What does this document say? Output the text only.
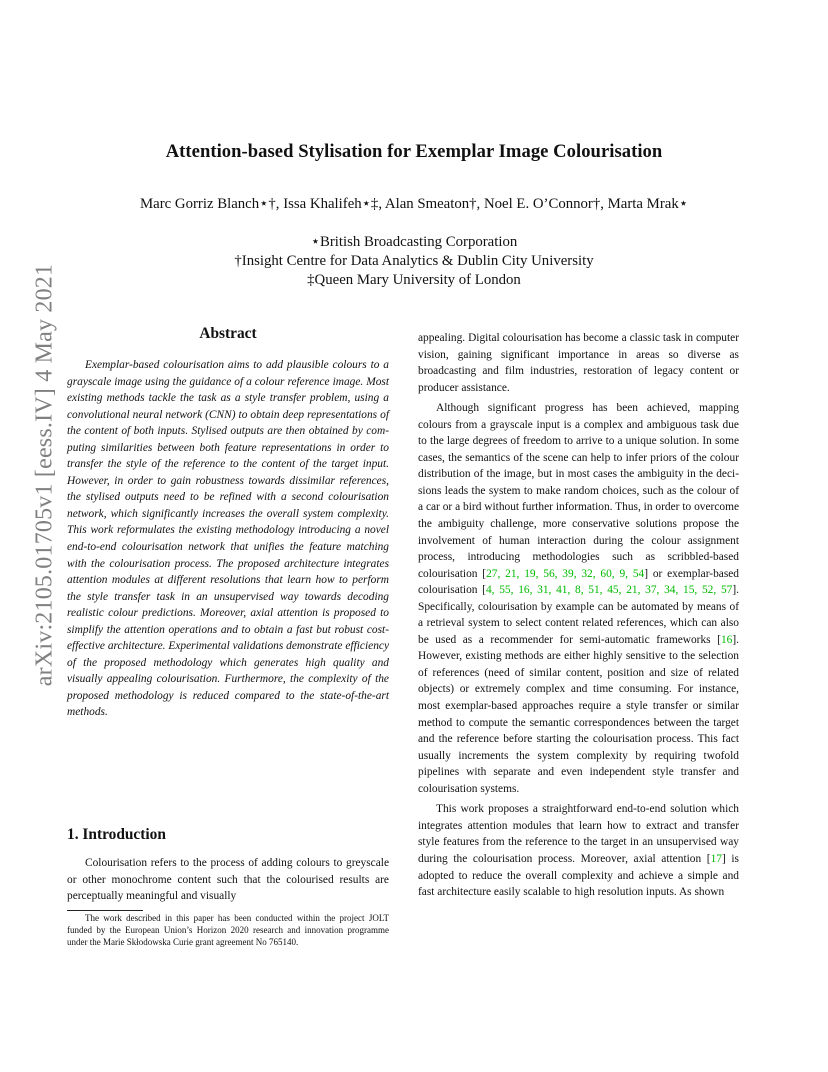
Attention-based Stylisation for Exemplar Image Colourisation
Marc Gorriz Blanch⋆†, Issa Khalifeh⋆‡, Alan Smeaton†, Noel E. O’Connor†, Marta Mrak⋆
⋆British Broadcasting Corporation
†Insight Centre for Data Analytics & Dublin City University
‡Queen Mary University of London
arXiv:2105.01705v1 [eess.IV] 4 May 2021	Abstract

Exemplar-based colourisation aims to add plausible colours to a grayscale image using the guidance of a colour reference image. Most existing methods tackle the task as a style transfer problem, using a convolutional neural network (CNN) to obtain deep representations of the content of both inputs. Stylised outputs are then obtained by computing similarities between both feature representations in order to transfer the style of the reference to the content of the target input. However, in order to gain robustness towards dissimilar references, the stylised outputs need to be refined with a second colourisation network, which significantly increases the overall system complexity. This work reformulates the existing methodology introducing a novel end-to-end colourisation network that unifies the feature matching with the colourisation process. The proposed architecture integrates attention modules at different resolutions that learn how to perform the style transfer task in an unsupervised way towards decoding realistic colour predictions. Moreover, axial attention is proposed to simplify the attention operations and to obtain a fast but robust cost-effective architecture. Experimental validations demonstrate efficiency of the proposed methodology which generates high quality and visually appealing colourisation. Furthermore, the complexity of the proposed methodology is reduced compared to the state-of-the-art methods.

1. Introduction

Colourisation refers to the process of adding colours to greyscale or other monochrome content such that the colourised results are perceptually meaningful and visually

The work described in this paper has been conducted within the project JOLT funded by the European Union’s Horizon 2020 research and innovation programme under the Marie Skłodowska Curie grant agreement No 765140.

appealing. Digital colourisation has become a classic task in computer vision, gaining significant importance in areas so diverse as broadcasting and film industries, restoration of legacy content or producer assistance.

Although significant progress has been achieved, mapping colours from a grayscale input is a complex and ambiguous task due to the large degrees of freedom to arrive to a unique solution. In some cases, the semantics of the scene can help to infer priors of the colour distribution of the image, but in most cases the ambiguity in the decisions leads the system to make random choices, such as the colour of a car or a bird without further information. Thus, in order to overcome the ambiguity challenge, more conservative solutions propose the involvement of human interaction during the colour assignment process, introducing methodologies such as scribbled-based colourisation [27, 21, 19, 56, 39, 32, 60, 9, 54] or exemplar-based colourisation [4, 55, 16, 31, 41, 8, 51, 45, 21, 37, 34, 15, 52, 57]. Specifically, colourisation by example can be automated by means of a retrieval system to select content related references, which can also be used as a recommender for semi-automatic frameworks [16]. However, existing methods are either highly sensitive to the selection of references (need of similar content, position and size of related objects) or extremely complex and time consuming. For instance, most exemplar-based approaches require a style transfer or similar method to compute the semantic correspondences between the target and the reference before starting the colourisation process. This fact usually increments the system complexity by requiring twofold pipelines with separate and even independent style transfer and colourisation systems.

This work proposes a straightforward end-to-end solution which integrates attention modules that learn how to extract and transfer style features from the reference to the target in an unsupervised way during the colourisation process. Moreover, axial attention [17] is adopted to reduce the overall complexity and achieve a simple and fast architecture easily scalable to high resolution inputs. As shown
